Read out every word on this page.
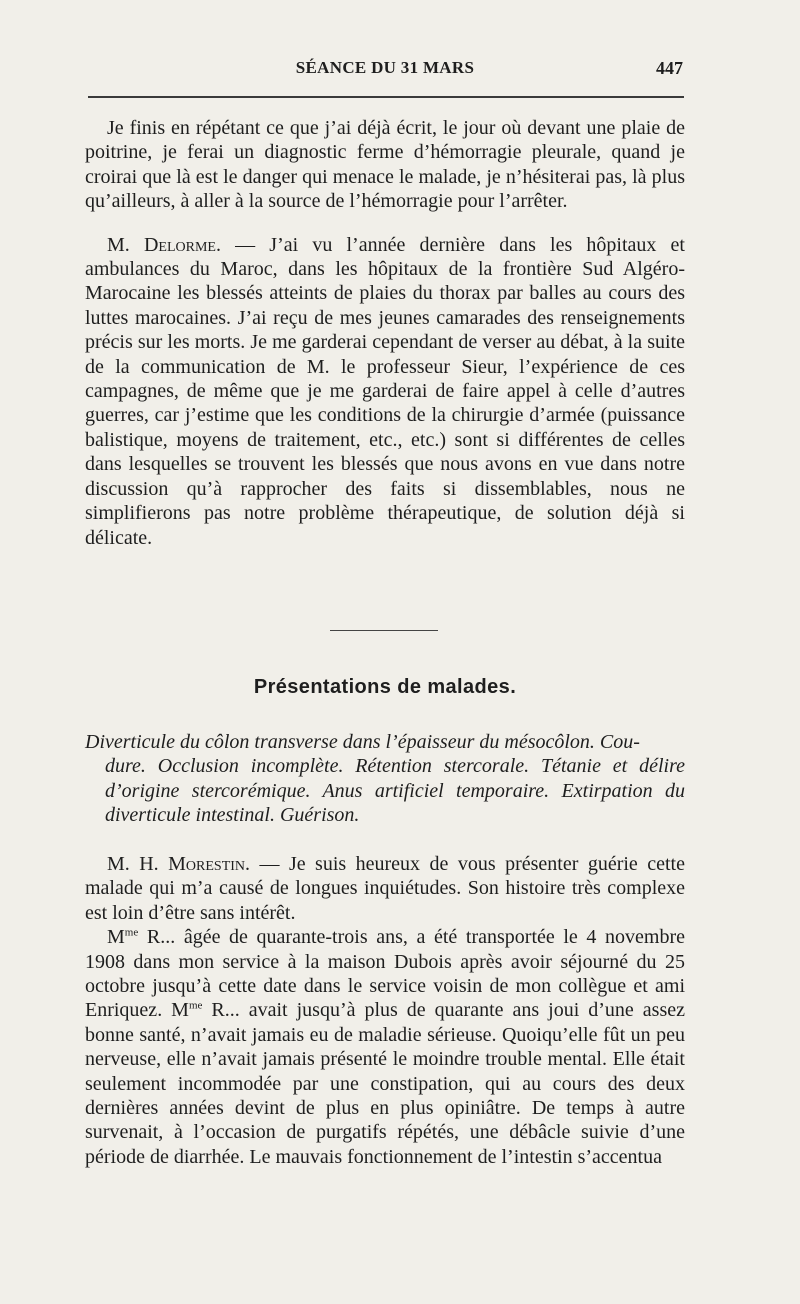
SÉANCE DU 31 MARS	447

Je finis en répétant ce que j’ai déjà écrit, le jour où devant une plaie de poitrine, je ferai un diagnostic ferme d’hémorragie pleurale, quand je croirai que là est le danger qui menace le malade, je n’hésiterai pas, là plus qu’ailleurs, à aller à la source de l’hémorragie pour l’arrêter.

M. Delorme. — J’ai vu l’année dernière dans les hôpitaux et ambulances du Maroc, dans les hôpitaux de la frontière Sud Algéro-Marocaine les blessés atteints de plaies du thorax par balles au cours des luttes marocaines. J’ai reçu de mes jeunes camarades des renseignements précis sur les morts. Je me garderai cependant de verser au débat, à la suite de la communication de M. le professeur Sieur, l’expérience de ces campagnes, de même que je me garderai de faire appel à celle d’autres guerres, car j’estime que les conditions de la chirurgie d’armée (puissance balistique, moyens de traitement, etc., etc.) sont si différentes de celles dans lesquelles se trouvent les blessés que nous avons en vue dans notre discussion qu’à rapprocher des faits si dissemblables, nous ne simplifierons pas notre problème thérapeutique, de solution déjà si délicate.

Présentations de malades.

Diverticule du côlon transverse dans l’épaisseur du mésocôlon. Cou-
dure. Occlusion incomplète. Rétention stercorale. Tétanie et délire d’origine stercorémique. Anus artificiel temporaire. Extirpation du diverticule intestinal. Guérison.

M. H. Morestin. — Je suis heureux de vous présenter guérie cette malade qui m’a causé de longues inquiétudes. Son histoire très complexe est loin d’être sans intérêt.

$M^{me}$ R... âgée de quarante-trois ans, a été transportée le 4 novembre 1908 dans mon service à la maison Dubois après avoir séjourné du 25 octobre jusqu’à cette date dans le service voisin de mon collègue et ami Enriquez. $M^{me}$ R... avait jusqu’à plus de quarante ans joui d’une assez bonne santé, n’avait jamais eu de maladie sérieuse. Quoiqu’elle fût un peu nerveuse, elle n’avait jamais présenté le moindre trouble mental. Elle était seulement incommodée par une constipation, qui au cours des deux dernières années devint de plus en plus opiniâtre. De temps à autre survenait, à l’occasion de purgatifs répétés, une débâcle suivie d’une période de diarrhée. Le mauvais fonctionnement de l’intestin s’accentua
